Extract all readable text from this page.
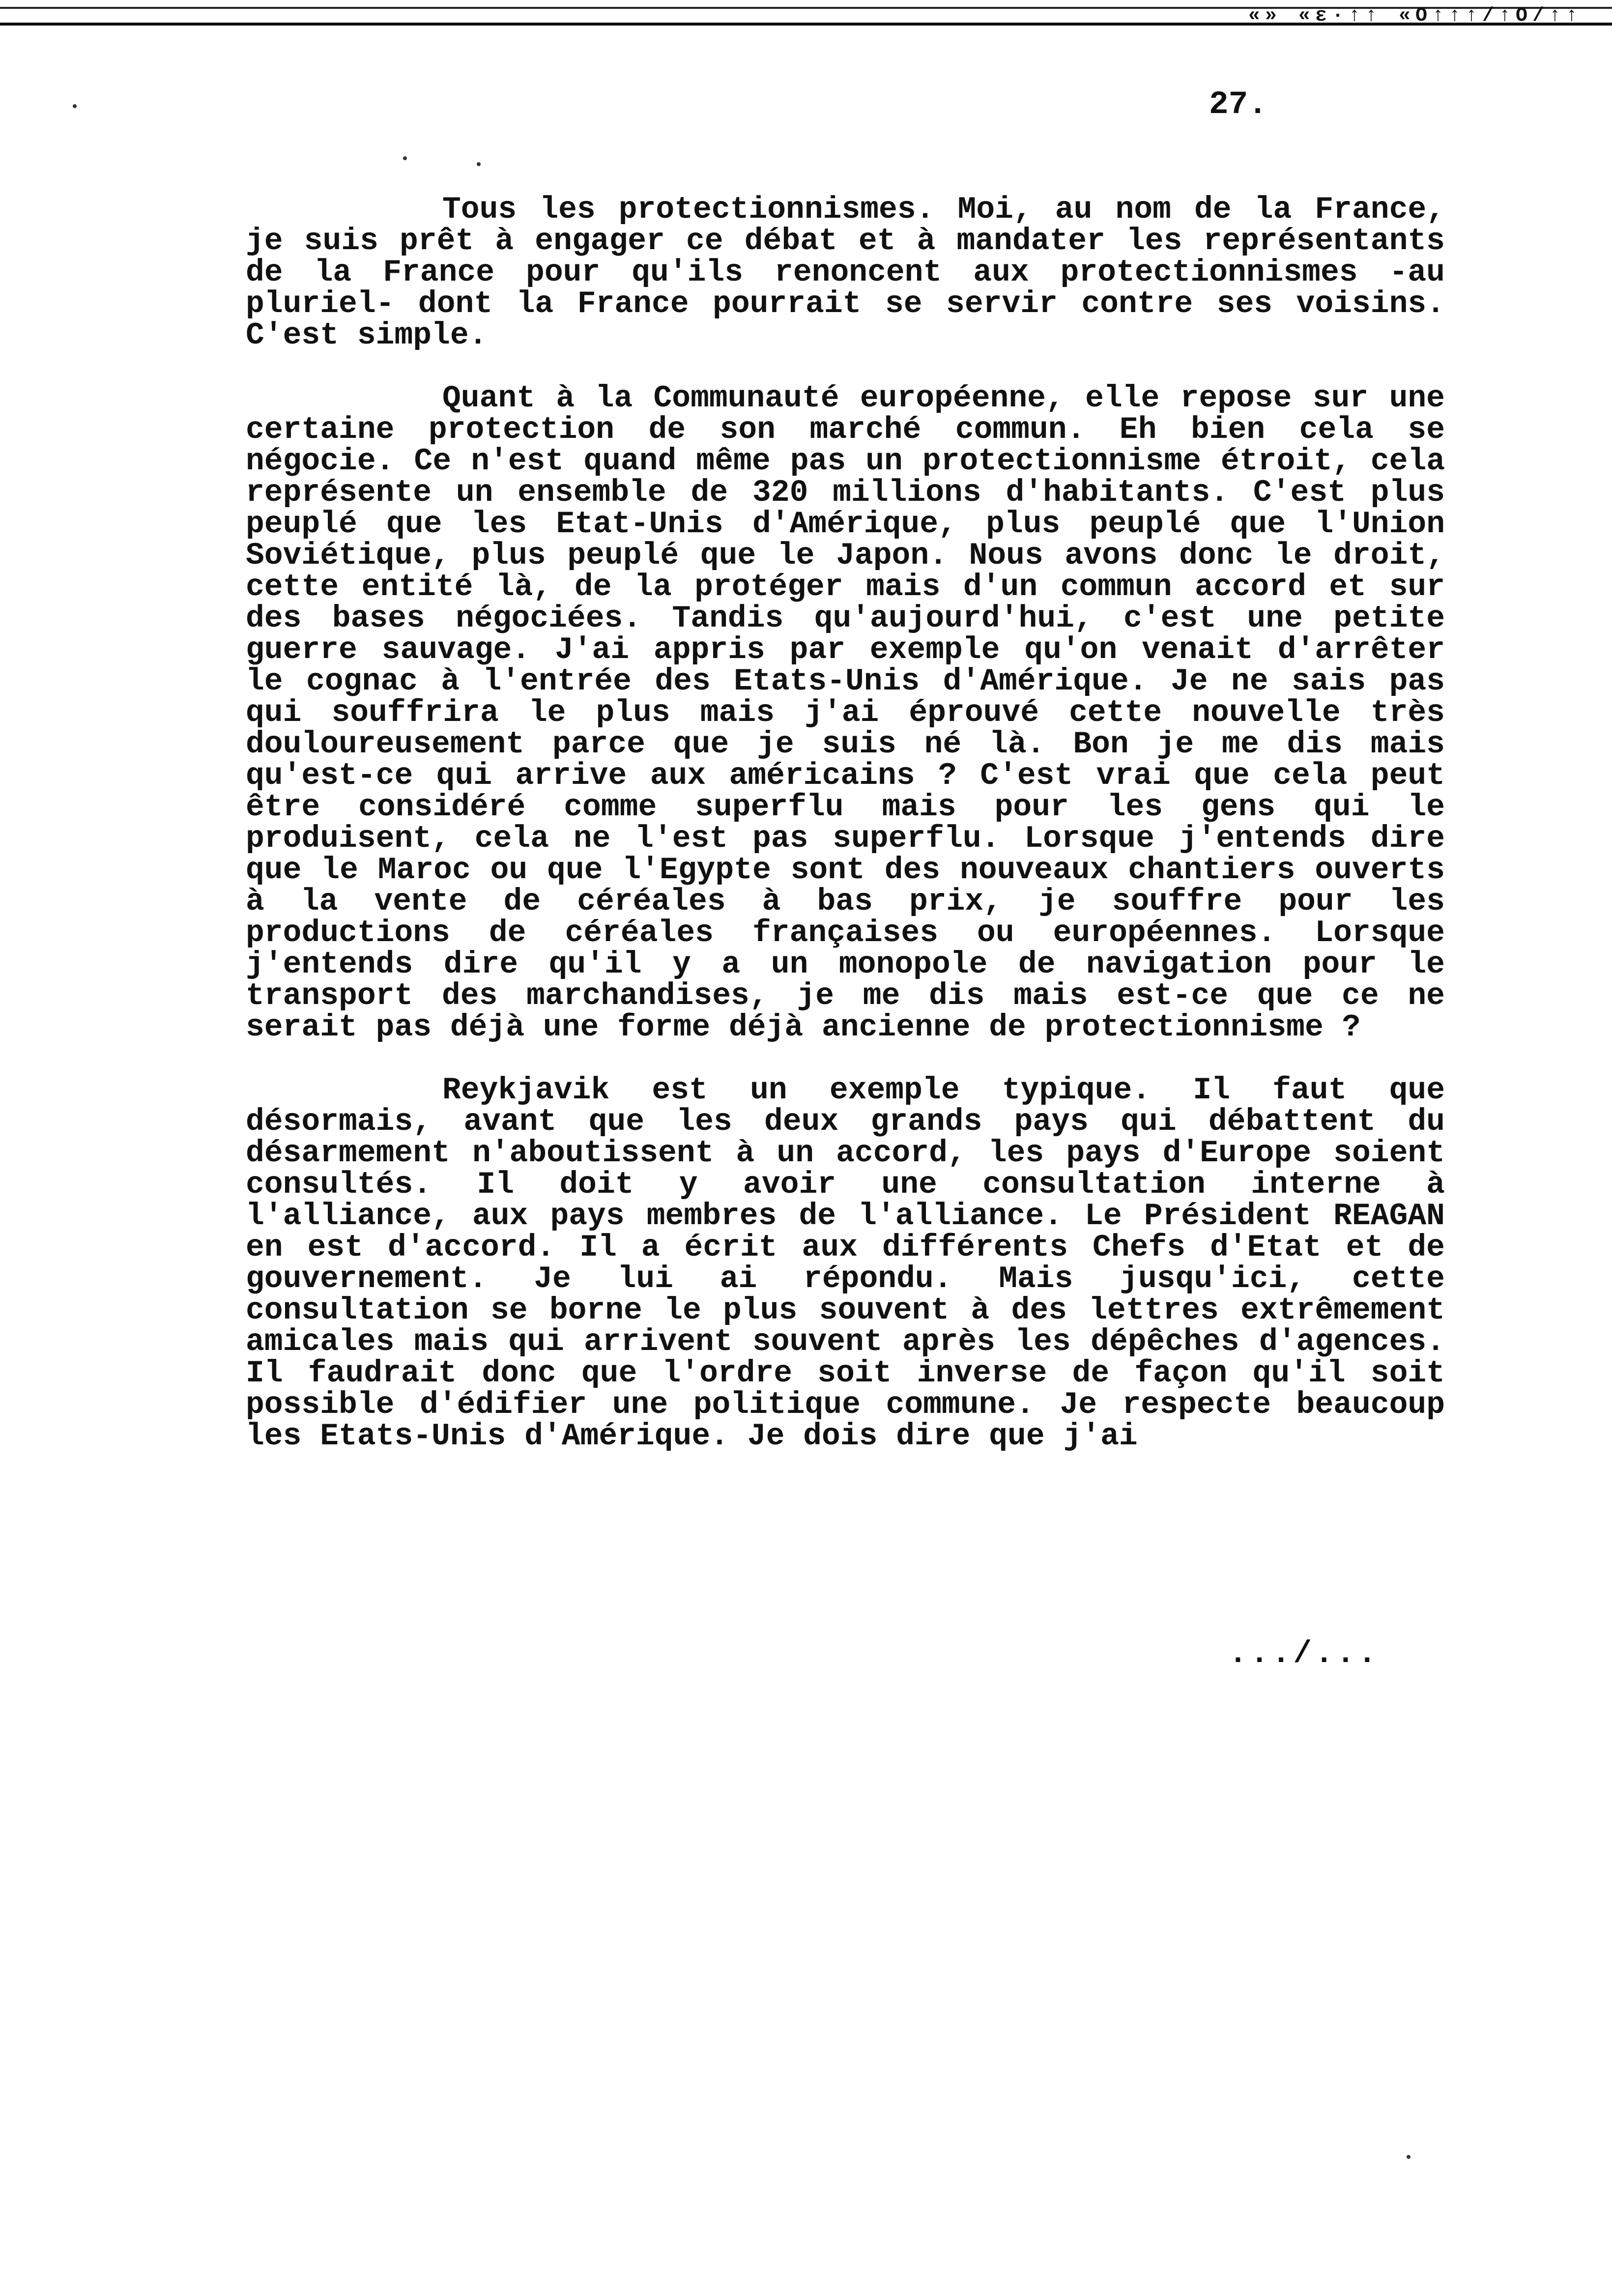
«» «ε·↑↑ «Ο↑↑↑/↑Ο/↑↑
27.

Tous les protectionnismes. Moi, au nom de la France, je suis prêt à engager ce débat et à mandater les représentants de la France pour qu'ils renoncent aux protectionnismes -au pluriel- dont la France pourrait se servir contre ses voisins. C'est simple.

Quant à la Communauté européenne, elle repose sur une certaine protection de son marché commun. Eh bien cela se négocie. Ce n'est quand même pas un protectionnisme étroit, cela représente un ensemble de 320 millions d'habitants. C'est plus peuplé que les Etat-Unis d'Amérique, plus peuplé que l'Union Soviétique, plus peuplé que le Japon. Nous avons donc le droit, cette entité là, de la protéger mais d'un commun accord et sur des bases négociées. Tandis qu'aujourd'hui, c'est une petite guerre sauvage. J'ai appris par exemple qu'on venait d'arrêter le cognac à l'entrée des Etats-Unis d'Amérique. Je ne sais pas qui souffrira le plus mais j'ai éprouvé cette nouvelle très douloureusement parce que je suis né là. Bon je me dis mais qu'est-ce qui arrive aux américains ? C'est vrai que cela peut être considéré comme superflu mais pour les gens qui le produisent, cela ne l'est pas superflu. Lorsque j'entends dire que le Maroc ou que l'Egypte sont des nouveaux chantiers ouverts à la vente de céréales à bas prix, je souffre pour les productions de céréales françaises ou européennes. Lorsque j'entends dire qu'il y a un monopole de navigation pour le transport des marchandises, je me dis mais est-ce que ce ne serait pas déjà une forme déjà ancienne de protectionnisme ?

Reykjavik est un exemple typique. Il faut que désormais, avant que les deux grands pays qui débattent du désarmement n'aboutissent à un accord, les pays d'Europe soient consultés. Il doit y avoir une consultation interne à l'alliance, aux pays membres de l'alliance. Le Président REAGAN en est d'accord. Il a écrit aux différents Chefs d'Etat et de gouvernement. Je lui ai répondu. Mais jusqu'ici, cette consultation se borne le plus souvent à des lettres extrêmement amicales mais qui arrivent souvent après les dépêches d'agences. Il faudrait donc que l'ordre soit inverse de façon qu'il soit possible d'édifier une politique commune. Je respecte beaucoup les Etats-Unis d'Amérique. Je dois dire que j'ai

.../...
